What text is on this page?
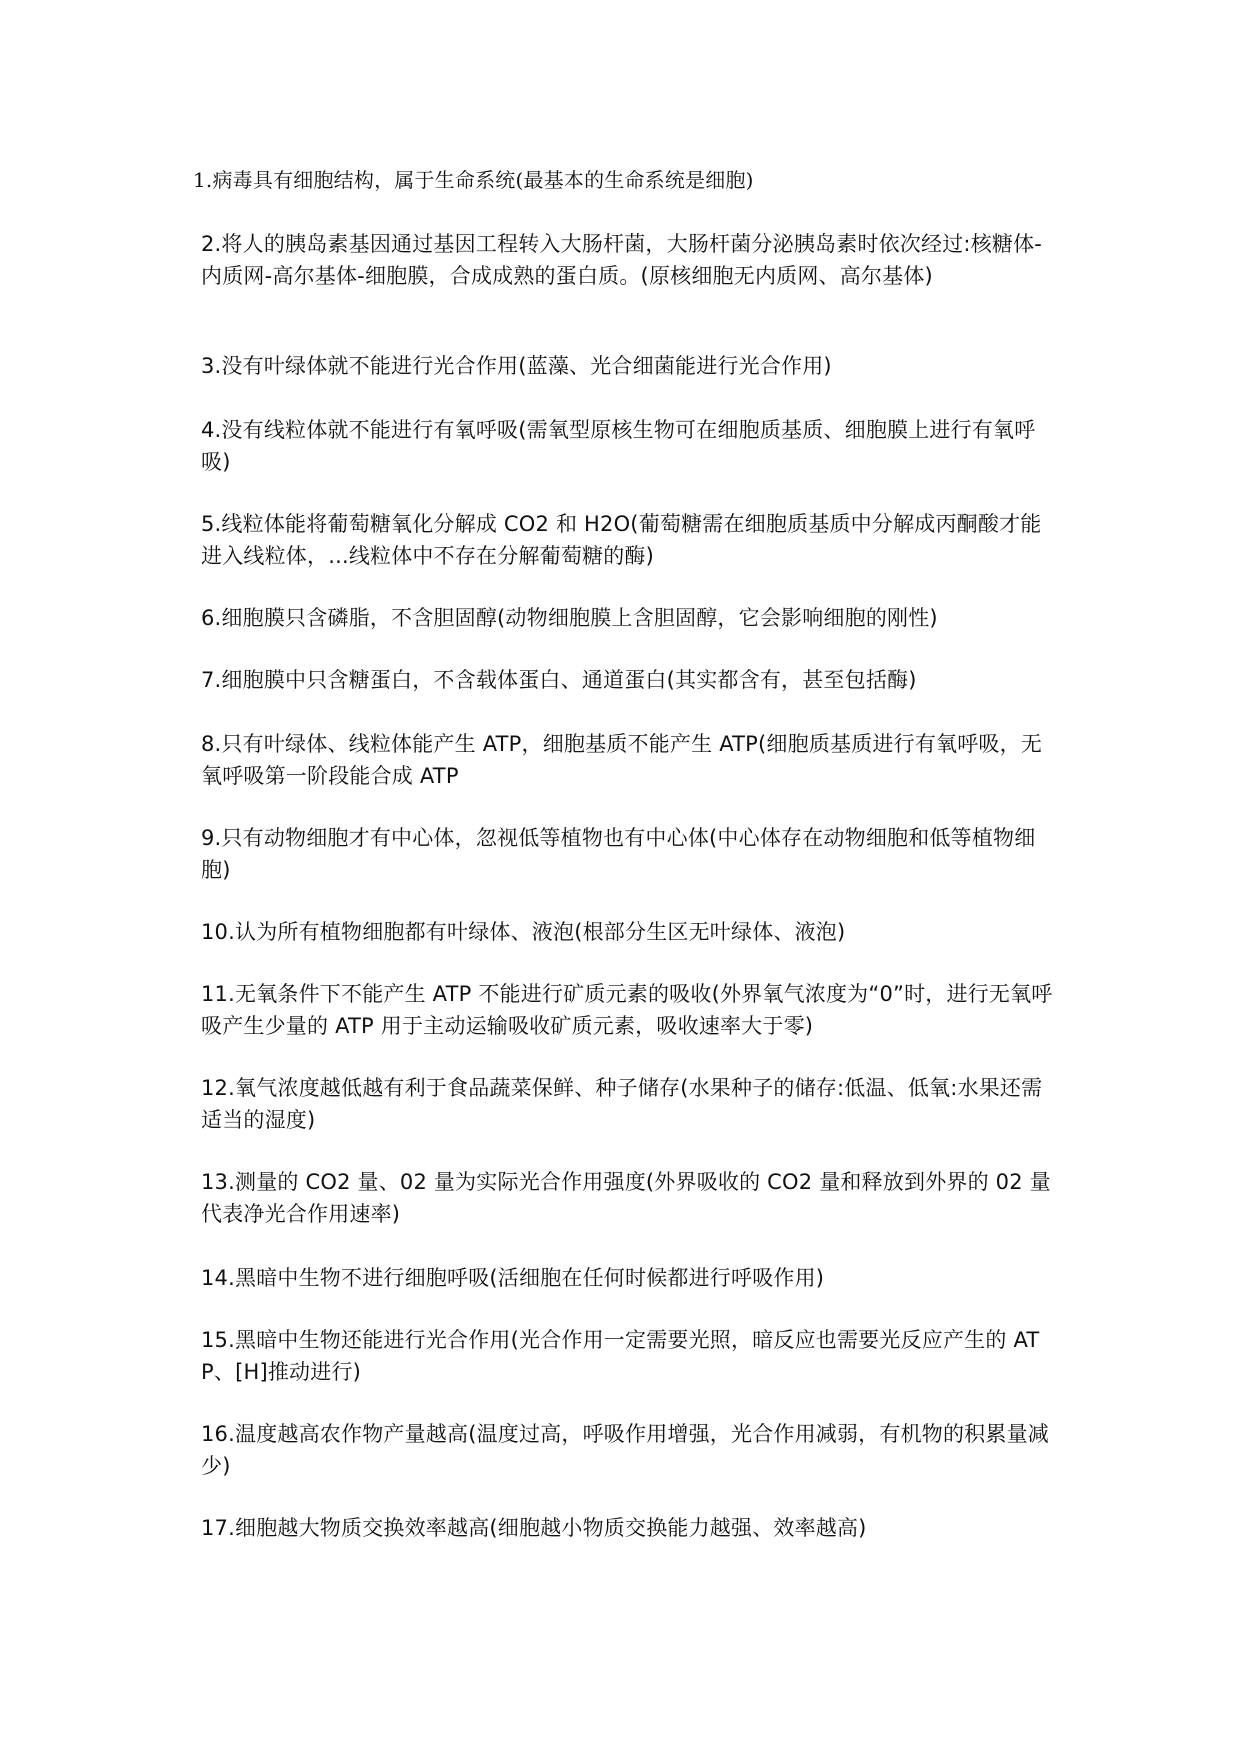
1.病毒具有细胞结构，属于生命系统(最基本的生命系统是细胞)

2.将人的胰岛素基因通过基因工程转入大肠杆菌，大肠杆菌分泌胰岛素时依次经过:核糖体-内质网-高尔基体-细胞膜，合成成熟的蛋白质。(原核细胞无内质网、高尔基体)

3.没有叶绿体就不能进行光合作用(蓝藻、光合细菌能进行光合作用)

4.没有线粒体就不能进行有氧呼吸(需氧型原核生物可在细胞质基质、细胞膜上进行有氧呼吸)

5.线粒体能将葡萄糖氧化分解成 CO2 和 H2O(葡萄糖需在细胞质基质中分解成丙酮酸才能进入线粒体，...线粒体中不存在分解葡萄糖的酶)

6.细胞膜只含磷脂，不含胆固醇(动物细胞膜上含胆固醇，它会影响细胞的刚性)

7.细胞膜中只含糖蛋白，不含载体蛋白、通道蛋白(其实都含有，甚至包括酶)

8.只有叶绿体、线粒体能产生 ATP，细胞基质不能产生 ATP(细胞质基质进行有氧呼吸，无氧呼吸第一阶段能合成 ATP

9.只有动物细胞才有中心体，忽视低等植物也有中心体(中心体存在动物细胞和低等植物细胞)

10.认为所有植物细胞都有叶绿体、液泡(根部分生区无叶绿体、液泡)

11.无氧条件下不能产生 ATP 不能进行矿质元素的吸收(外界氧气浓度为“0”时，进行无氧呼吸产生少量的 ATP 用于主动运输吸收矿质元素，吸收速率大于零)

12.氧气浓度越低越有利于食品蔬菜保鲜、种子储存(水果种子的储存:低温、低氧:水果还需适当的湿度)

13.测量的 CO2 量、02 量为实际光合作用强度(外界吸收的 CO2 量和释放到外界的 02 量代表净光合作用速率)

14.黑暗中生物不进行细胞呼吸(活细胞在任何时候都进行呼吸作用)

15.黑暗中生物还能进行光合作用(光合作用一定需要光照，暗反应也需要光反应产生的 ATP、[H]推动进行)

16.温度越高农作物产量越高(温度过高，呼吸作用增强，光合作用减弱，有机物的积累量减少)

17.细胞越大物质交换效率越高(细胞越小物质交换能力越强、效率越高)
